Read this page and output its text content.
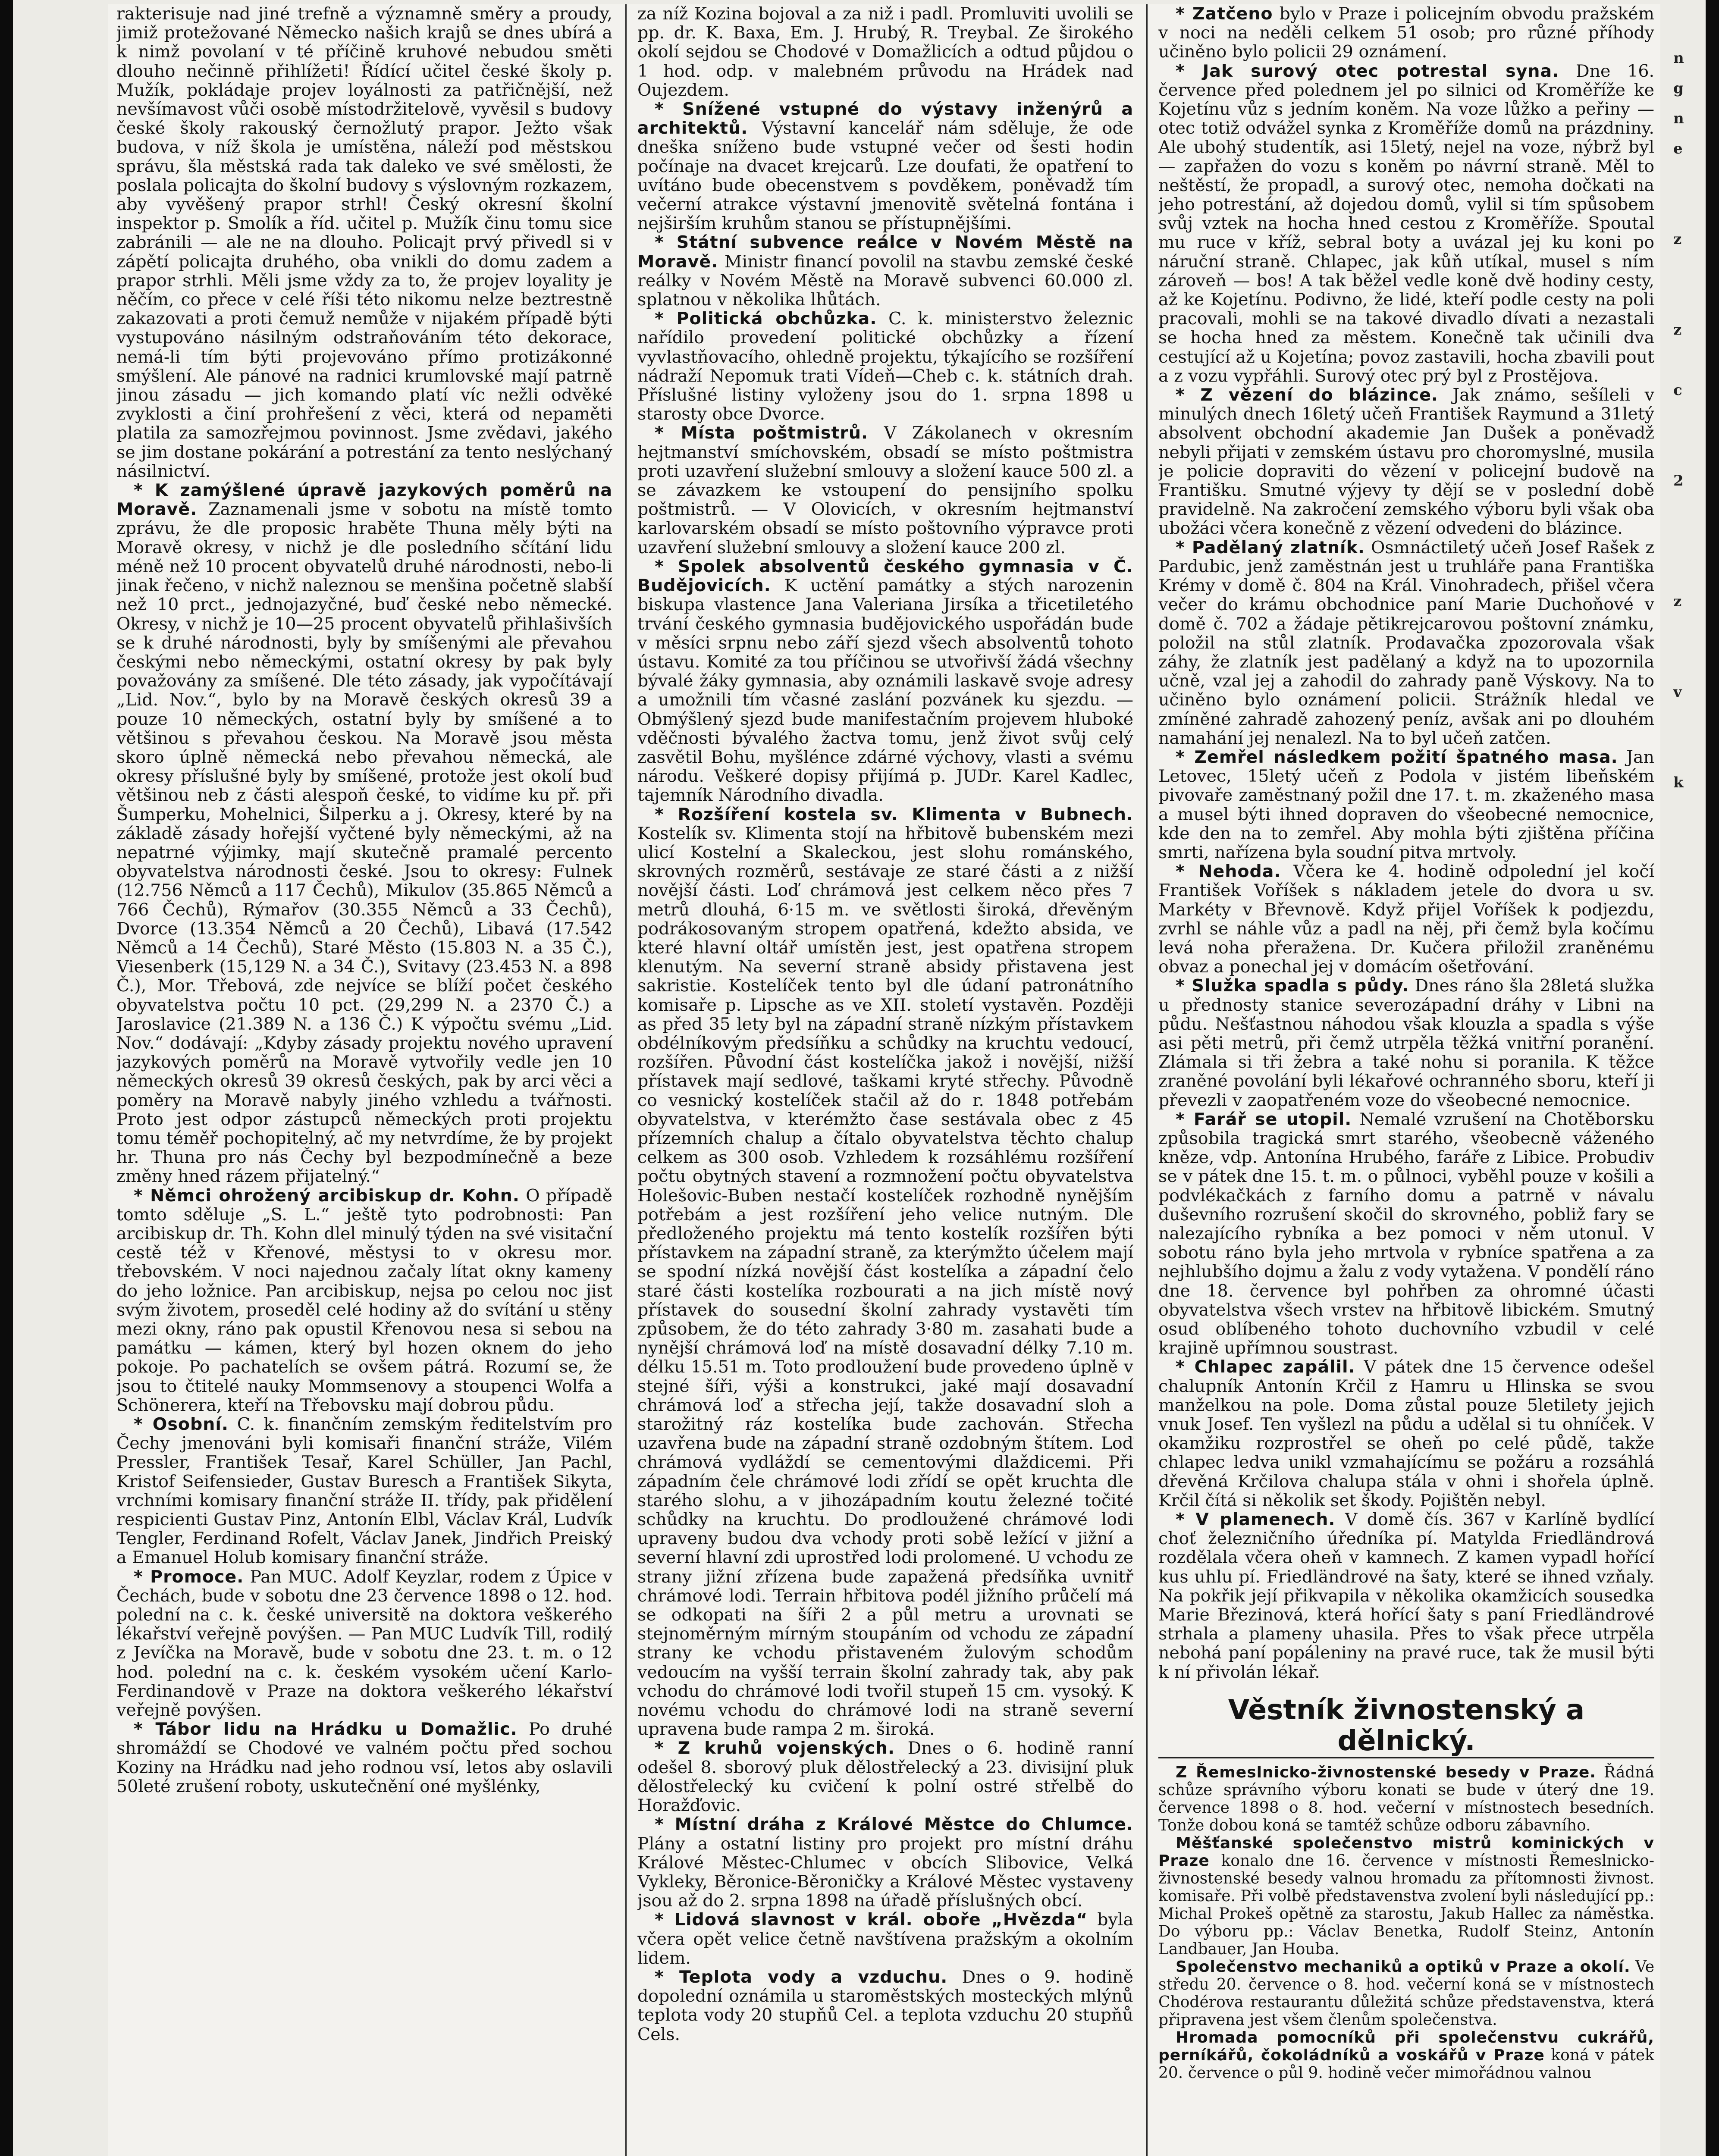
rakterisuje nad jiné trefně a významně směry a proudy, jimiž protežované Německo našich krajů se dnes ubírá a k nimž povolaní v té příčině kruhové nebudou směti dlouho nečinně přihlížeti! Řídící učitel české školy p. Mužík, pokládaje projev loyálnosti za patřičnější, než nevšímavost vůči osobě místodržitelově, vyvěsil s budovy české školy rakouský černožlutý prapor. Ježto však budova, v níž škola je umístěna, náleží pod městskou správu, šla městská rada tak daleko ve své smělosti, že poslala policajta do školní budovy s výslovným rozkazem, aby vyvěšený prapor strhl! Český okresní školní inspektor p. Smolík a říd. učitel p. Mužík činu tomu sice zabránili — ale ne na dlouho. Policajt prvý přivedl si v zápětí policajta druhého, oba vnikli do domu zadem a prapor strhli. Měli jsme vždy za to, že projev loyality je něčím, co přece v celé říši této nikomu nelze beztrestně zakazovati a proti čemuž nemůže v nijakém případě býti vystupováno násilným odstraňováním této dekorace, nemá-li tím býti projevováno přímo protizákonné smýšlení. Ale pánové na radnici krumlovské mají patrně jinou zásadu — jich komando platí víc nežli odvěké zvyklosti a činí prohřešení z věci, která od nepaměti platila za samozřejmou povinnost. Jsme zvědavi, jakého se jim dostane pokárání a potrestání za tento neslýchaný násilnictví.

* K zamýšlené úpravě jazykových poměrů na Moravě. Zaznamenali jsme v sobotu na místě tomto zprávu, že dle proposic hraběte Thuna měly býti na Moravě okresy, v nichž je dle posledního sčítání lidu méně než 10 procent obyvatelů druhé národnosti, nebo-li jinak řečeno, v nichž naleznou se menšina početně slabší než 10 prct., jednojazyčné, buď české nebo německé. Okresy, v nichž je 10—25 procent obyvatelů přihlašivších se k druhé národnosti, byly by smíšenými ale převahou českými nebo německými, ostatní okresy by pak byly považovány za smíšené. Dle této zásady, jak vypočítávají „Lid. Nov.“, bylo by na Moravě českých okresů 39 a pouze 10 německých, ostatní byly by smíšené a to většinou s převahou českou. Na Moravě jsou města skoro úplně německá nebo převahou německá, ale okresy příslušné byly by smíšené, protože jest okolí buď většinou neb z části alespoň české, to vidíme ku př. při Šumperku, Mohelnici, Šilperku a j. Okresy, které by na základě zásady hořejší vyčtené byly německými, až na nepatrné výjimky, mají skutečně pramalé percento obyvatelstva národnosti české. Jsou to okresy: Fulnek (12.756 Němců a 117 Čechů), Mikulov (35.865 Němců a 766 Čechů), Rýmařov (30.355 Němců a 33 Čechů), Dvorce (13.354 Němců a 20 Čechů), Libavá (17.542 Němců a 14 Čechů), Staré Město (15.803 N. a 35 Č.), Viesenberk (15,129 N. a 34 Č.), Svitavy (23.453 N. a 898 Č.), Mor. Třebová, zde nejvíce se blíží počet českého obyvatelstva počtu 10 pct. (29,299 N. a 2370 Č.) a Jaroslavice (21.389 N. a 136 Č.) K výpočtu svému „Lid. Nov.“ dodávají: „Kdyby zásady projektu nového upravení jazykových poměrů na Moravě vytvořily vedle jen 10 německých okresů 39 okresů českých, pak by arci věci a poměry na Moravě nabyly jiného vzhledu a tvářnosti. Proto jest odpor zástupců německých proti projektu tomu téměř pochopitelný, ač my netvrdíme, že by projekt hr. Thuna pro nás Čechy byl bezpodmínečně a beze změny hned rázem přijatelný.“

* Němci ohrožený arcibiskup dr. Kohn. O případě tomto sděluje „S. L.“ ještě tyto podrobnosti: Pan arcibiskup dr. Th. Kohn dlel minulý týden na své visitační cestě též v Křenové, městysi to v okresu mor. třebovském. V noci najednou začaly lítat okny kameny do jeho ložnice. Pan arcibiskup, nejsa po celou noc jist svým životem, proseděl celé hodiny až do svítání u stěny mezi okny, ráno pak opustil Křenovou nesa si sebou na památku — kámen, který byl hozen oknem do jeho pokoje. Po pachatelích se ovšem pátrá. Rozumí se, že jsou to čtitelé nauky Mommsenovy a stoupenci Wolfa a Schönerera, kteří na Třebovsku mají dobrou půdu.

* Osobní. C. k. finančním zemským ředitelstvím pro Čechy jmenováni byli komisaři finanční stráže, Vilém Pressler, František Tesař, Karel Schüller, Jan Pachl, Kristof Seifensieder, Gustav Buresch a František Sikyta, vrchními komisary finanční stráže II. třídy, pak přidělení respicienti Gustav Pinz, Antonín Elbl, Václav Král, Ludvík Tengler, Ferdinand Rofelt, Václav Janek, Jindřich Preiský a Emanuel Holub komisary finanční stráže.

* Promoce. Pan MUC. Adolf Keyzlar, rodem z Úpice v Čechách, bude v sobotu dne 23 července 1898 o 12. hod. polední na c. k. české universitě na doktora veškerého lékařství veřejně povýšen. — Pan MUC Ludvík Till, rodilý z Jevíčka na Moravě, bude v sobotu dne 23. t. m. o 12 hod. polední na c. k. českém vysokém učení Karlo-Ferdinandově v Praze na doktora veškerého lékařství veřejně povýšen.

* Tábor lidu na Hrádku u Domažlic. Po druhé shromáždí se Chodové ve valném počtu před sochou Koziny na Hrádku nad jeho rodnou vsí, letos aby oslavili 50leté zrušení roboty, uskutečnění oné myšlénky,

za níž Kozina bojoval a za niž i padl. Promluviti uvolili se pp. dr. K. Baxa, Em. J. Hrubý, R. Treybal. Ze širokého okolí sejdou se Chodové v Domažlicích a odtud půjdou o 1 hod. odp. v malebném průvodu na Hrádek nad Oujezdem.

* Snížené vstupné do výstavy inženýrů a architektů. Výstavní kancelář nám sděluje, že ode dneška sníženo bude vstupné večer od šesti hodin počínaje na dvacet krejcarů. Lze doufati, že opatření to uvítáno bude obecenstvem s povděkem, poněvadž tím večerní atrakce výstavní jmenovitě světelná fontána i nejširším kruhům stanou se přístupnějšími.

* Státní subvence reálce v Novém Městě na Moravě. Ministr financí povolil na stavbu zemské české reálky v Novém Městě na Moravě subvenci 60.000 zl. splatnou v několika lhůtách.

* Politická obchůzka. C. k. ministerstvo železnic nařídilo provedení politické obchůzky a řízení vyvlastňovacího, ohledně projektu, týkajícího se rozšíření nádraží Nepomuk trati Vídeň—Cheb c. k. státních drah. Příslušné listiny vyloženy jsou do 1. srpna 1898 u starosty obce Dvorce.

* Místa poštmistrů. V Zákolanech v okresním hejtmanství smíchovském, obsadí se místo poštmistra proti uzavření služební smlouvy a složení kauce 500 zl. a se závazkem ke vstoupení do pensijního spolku poštmistrů. — V Olovicích, v okresním hejtmanství karlovarském obsadí se místo poštovního výpravce proti uzavření služební smlouvy a složení kauce 200 zl.

* Spolek absolventů českého gymnasia v Č. Budějovicích. K uctění památky a stých narozenin biskupa vlastence Jana Valeriana Jirsíka a třicetiletého trvání českého gymnasia budějovického uspořádán bude v měsíci srpnu nebo září sjezd všech absolventů tohoto ústavu. Komité za tou příčinou se utvořivší žádá všechny bývalé žáky gymnasia, aby oznámili laskavě svoje adresy a umožnili tím včasné zaslání pozvánek ku sjezdu. — Obmýšlený sjezd bude manifestačním projevem hluboké vděčnosti bývalého žactva tomu, jenž život svůj celý zasvětil Bohu, myšlénce zdárné výchovy, vlasti a svému národu. Veškeré dopisy přijímá p. JUDr. Karel Kadlec, tajemník Národního divadla.

* Rozšíření kostela sv. Klimenta v Bubnech. Kostelík sv. Klimenta stojí na hřbitově bubenském mezi ulicí Kostelní a Skaleckou, jest slohu románského, skrovných rozměrů, sestávaje ze staré části a z nižší novější části. Loď chrámová jest celkem něco přes 7 metrů dlouhá, 6·15 m. ve světlosti široká, dřevěným podrákosovaným stropem opatřená, kdežto absida, ve které hlavní oltář umístěn jest, jest opatřena stropem klenutým. Na severní straně absidy přistavena jest sakristie. Kostelíček tento byl dle údaní patronátního komisaře p. Lipsche as ve XII. století vystavěn. Později as před 35 lety byl na západní straně nízkým přístavkem obdélníkovým předsíňku a schůdky na kruchtu vedoucí, rozšířen. Původní část kostelíčka jakož i novější, nižší přístavek mají sedlové, taškami kryté střechy. Původně co vesnický kostelíček stačil až do r. 1848 potřebám obyvatelstva, v kterémžto čase sestávala obec z 45 přízemních chalup a čítalo obyvatelstva těchto chalup celkem as 300 osob. Vzhledem k rozsáhlému rozšíření počtu obytných stavení a rozmnožení počtu obyvatelstva Holešovic-Buben nestačí kostelíček rozhodně nynějším potřebám a jest rozšíření jeho velice nutným. Dle předloženého projektu má tento kostelík rozšířen býti přístavkem na západní straně, za kterýmžto účelem mají se spodní nízká novější část kostelíka a západní čelo staré části kostelíka rozbourati a na jich místě nový přístavek do sousední školní zahrady vystavěti tím způsobem, že do této zahrady 3·80 m. zasahati bude a nynější chrámová loď na místě dosavadní délky 7.10 m. délku 15.51 m. Toto prodloužení bude provedeno úplně v stejné šíři, výši a konstrukci, jaké mají dosavadní chrámová loď a střecha její, takže dosavadní sloh a starožitný ráz kostelíka bude zachován. Střecha uzavřena bude na západní straně ozdobným štítem. Loď chrámová vydláždí se cementovými dlaždicemi. Při západním čele chrámové lodi zřídí se opět kruchta dle starého slohu, a v jihozápadním koutu železné točité schůdky na kruchtu. Do prodloužené chrámové lodi upraveny budou dva vchody proti sobě ležící v jižní a severní hlavní zdi uprostřed lodi prolomené. U vchodu ze strany jižní zřízena bude zapažená předsíňka uvnitř chrámové lodi. Terrain hřbitova podél jižního průčelí má se odkopati na šíři 2 a půl metru a urovnati se stejnoměrným mírným stoupáním od vchodu ze západní strany ke vchodu přistaveném žulovým schodům vedoucím na vyšší terrain školní zahrady tak, aby pak vchodu do chrámové lodi tvořil stupeň 15 cm. vysoký. K novému vchodu do chrámové lodi na straně severní upravena bude rampa 2 m. široká.

* Z kruhů vojenských. Dnes o 6. hodině ranní odešel 8. sborový pluk dělostřelecký a 23. divisijní pluk dělostřelecký ku cvičení k polní ostré střelbě do Horažďovic.

* Místní dráha z Králové Městce do Chlumce. Plány a ostatní listiny pro projekt pro místní dráhu Králové Městec-Chlumec v obcích Slibovice, Velká Vykleky, Běronice-Běroničky a Králové Městec vystaveny jsou až do 2. srpna 1898 na úřadě příslušných obcí.

* Lidová slavnost v král. oboře „Hvězda“ byla včera opět velice četně navštívena pražským a okolním lidem.

* Teplota vody a vzduchu. Dnes o 9. hodině dopolední oznámila u staroměstských mosteckých mlýnů teplota vody 20 stupňů Cel. a teplota vzduchu 20 stupňů Cels.

* Zatčeno bylo v Praze i policejním obvodu pražském v noci na neděli celkem 51 osob; pro různé příhody učiněno bylo policii 29 oznámení.

* Jak surový otec potrestal syna. Dne 16. července před polednem jel po silnici od Kroměříže ke Kojetínu vůz s jedním koněm. Na voze lůžko a peřiny — otec totiž odvážel synka z Kroměříže domů na prázdniny. Ale ubohý studentík, asi 15letý, nejel na voze, nýbrž byl — zapřažen do vozu s koněm po návrní straně. Měl to neštěstí, že propadl, a surový otec, nemoha dočkati na jeho potrestání, až dojedou domů, vylil si tím spůsobem svůj vztek na hocha hned cestou z Kroměříže. Spoutal mu ruce v kříž, sebral boty a uvázal jej ku koni po náruční straně. Chlapec, jak kůň utíkal, musel s ním zároveň — bos! A tak běžel vedle koně dvě hodiny cesty, až ke Kojetínu. Podivno, že lidé, kteří podle cesty na poli pracovali, mohli se na takové divadlo dívati a nezastali se hocha hned za městem. Konečně tak učinili dva cestující až u Kojetína; povoz zastavili, hocha zbavili pout a z vozu vypřáhli. Surový otec prý byl z Prostějova.

* Z vězení do blázince. Jak známo, sešíleli v minulých dnech 16letý učeň František Raymund a 31letý absolvent obchodní akademie Jan Dušek a poněvadž nebyli přijati v zemském ústavu pro choromyslné, musila je policie dopraviti do vězení v policejní budově na Františku. Smutné výjevy ty dějí se v poslední době pravidelně. Na zakročení zemského výboru byli však oba ubožáci včera konečně z vězení odvedeni do blázince.

* Padělaný zlatník. Osmnáctiletý učeň Josef Rašek z Pardubic, jenž zaměstnán jest u truhláře pana Františka Krémy v domě č. 804 na Král. Vinohradech, přišel včera večer do krámu obchodnice paní Marie Duchoňové v domě č. 702 a žádaje pětikrejcarovou poštovní známku, položil na stůl zlatník. Prodavačka zpozorovala však záhy, že zlatník jest padělaný a když na to upozornila učně, vzal jej a zahodil do zahrady paně Výskovy. Na to učiněno bylo oznámení policii. Strážník hledal ve zmíněné zahradě zahozený peníz, avšak ani po dlouhém namahání jej nenalezl. Na to byl učeň zatčen.

* Zemřel následkem požití špatného masa. Jan Letovec, 15letý učeň z Podola v jistém libeňském pivovaře zaměstnaný požil dne 17. t. m. zkaženého masa a musel býti ihned dopraven do všeobecné nemocnice, kde den na to zemřel. Aby mohla býti zjištěna příčina smrti, nařízena byla soudní pitva mrtvoly.

* Nehoda. Včera ke 4. hodině odpolední jel kočí František Voříšek s nákladem jetele do dvora u sv. Markéty v Břevnově. Když přijel Voříšek k podjezdu, zvrhl se náhle vůz a padl na něj, při čemž byla kočímu levá noha přeražena. Dr. Kučera přiložil zraněnému obvaz a ponechal jej v domácím ošetřování.

* Služka spadla s půdy. Dnes ráno šla 28letá služka u přednosty stanice severozápadní dráhy v Libni na půdu. Nešťastnou náhodou však klouzla a spadla s výše asi pěti metrů, při čemž utrpěla těžká vnitřní poranění. Zlámala si tři žebra a také nohu si poranila. K těžce zraněné povolání byli lékařové ochranného sboru, kteří ji převezli v zaopatřeném voze do všeobecné nemocnice.

* Farář se utopil. Nemalé vzrušení na Chotěborsku způsobila tragická smrt starého, všeobecně váženého kněze, vdp. Antonína Hrubého, faráře z Libice. Probudiv se v pátek dne 15. t. m. o půlnoci, vyběhl pouze v košili a podvlékačkách z farního domu a patrně v návalu duševního rozrušení skočil do skrovného, pobliž fary se nalezajícího rybníka a bez pomoci v něm utonul. V sobotu ráno byla jeho mrtvola v rybníce spatřena a za nejhlubšího dojmu a žalu z vody vytažena. V pondělí ráno dne 18. července byl pohřben za ohromné účasti obyvatelstva všech vrstev na hřbitově libickém. Smutný osud oblíbeného tohoto duchovního vzbudil v celé krajině upřímnou soustrast.

* Chlapec zapálil. V pátek dne 15 července odešel chalupník Antonín Krčil z Hamru u Hlinska se svou manželkou na pole. Doma zůstal pouze 5letilety jejich vnuk Josef. Ten vyšlezl na půdu a udělal si tu ohníček. V okamžiku rozprostřel se oheň po celé půdě, takže chlapec ledva unikl vzmahajícímu se požáru a rozsáhlá dřevěná Krčilova chalupa stála v ohni i shořela úplně. Krčil čítá si několik set škody. Pojištěn nebyl.

* V plamenech. V domě čís. 367 v Karlíně bydlící choť železničního úředníka pí. Matylda Friedländrová rozdělala včera oheň v kamnech. Z kamen vypadl hořící kus uhlu pí. Friedländrové na šaty, které se ihned vzňaly. Na pokřik její přikvapila v několika okamžicích sousedka Marie Březinová, která hořící šaty s paní Friedländrové strhala a plameny uhasila. Přes to však přece utrpěla nebohá paní popáleniny na pravé ruce, tak že musil býti k ní přivolán lékař.

Věstník živnostenský a dělnický.

Z Řemeslnicko-živnostenské besedy v Praze. Řádná schůze správního výboru konati se bude v úterý dne 19. července 1898 o 8. hod. večerní v místnostech besedních. Tonže dobou koná se tamtéž schůze odboru zábavního.

Měšťanské společenstvo mistrů kominických v Praze konalo dne 16. července v místnosti Řemeslnicko-živnostenské besedy valnou hromadu za přítomnosti živnost. komisaře. Při volbě představenstva zvolení byli následující pp.: Michal Prokeš opětně za starostu, Jakub Hallec za náměstka. Do výboru pp.: Václav Benetka, Rudolf Steinz, Antonín Landbauer, Jan Houba.

Společenstvo mechaniků a optiků v Praze a okolí. Ve středu 20. července o 8. hod. večerní koná se v místnostech Chodérova restaurantu důležitá schůze představenstva, která připravena jest všem členům společenstva.

Hromada pomocníků při společenstvu cukrářů, perníkářů, čokoládníků a voskářů v Praze koná v pátek 20. července o půl 9. hodině večer mimořádnou valnou

n
g
n
e

z

z

c

2

z

v

k
